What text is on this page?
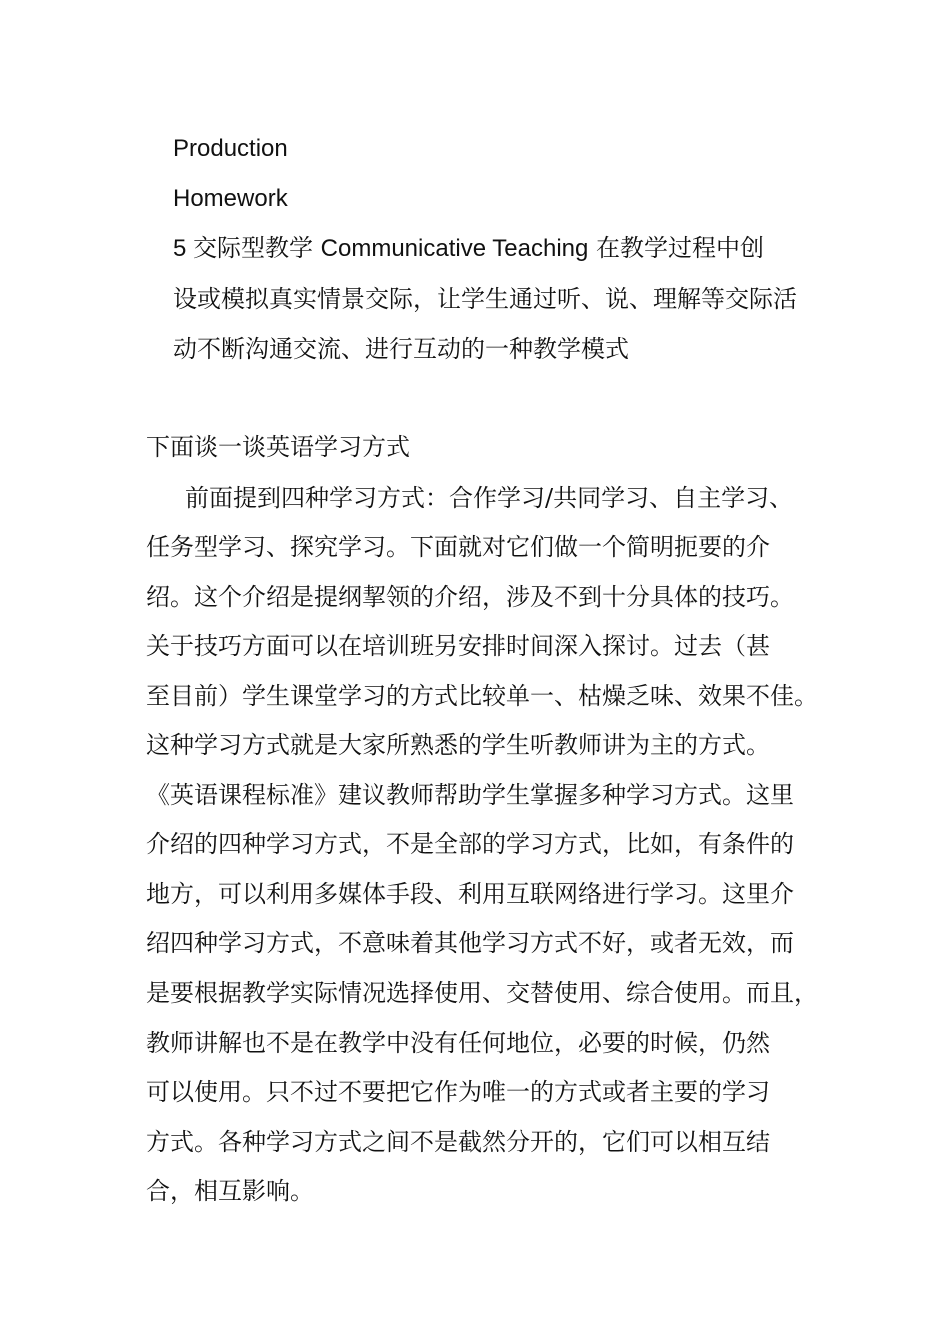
Production
Homework
5 交际型教学 Communicative Teaching 在教学过程中创
设或模拟真实情景交际，让学生通过听、说、理解等交际活
动不断沟通交流、进行互动的一种教学模式
下面谈一谈英语学习方式
前面提到四种学习方式：合作学习/共同学习、自主学习、
任务型学习、探究学习。下面就对它们做一个简明扼要的介
绍。这个介绍是提纲挈领的介绍，涉及不到十分具体的技巧。
关于技巧方面可以在培训班另安排时间深入探讨。过去（甚
至目前）学生课堂学习的方式比较单一、枯燥乏味、效果不佳。
这种学习方式就是大家所熟悉的学生听教师讲为主的方式。
《英语课程标准》建议教师帮助学生掌握多种学习方式。这里
介绍的四种学习方式，不是全部的学习方式，比如，有条件的
地方，可以利用多媒体手段、利用互联网络进行学习。这里介
绍四种学习方式，不意味着其他学习方式不好，或者无效，而
是要根据教学实际情况选择使用、交替使用、综合使用。而且，
教师讲解也不是在教学中没有任何地位，必要的时候，仍然
可以使用。只不过不要把它作为唯一的方式或者主要的学习
方式。各种学习方式之间不是截然分开的，它们可以相互结
合，相互影响。
